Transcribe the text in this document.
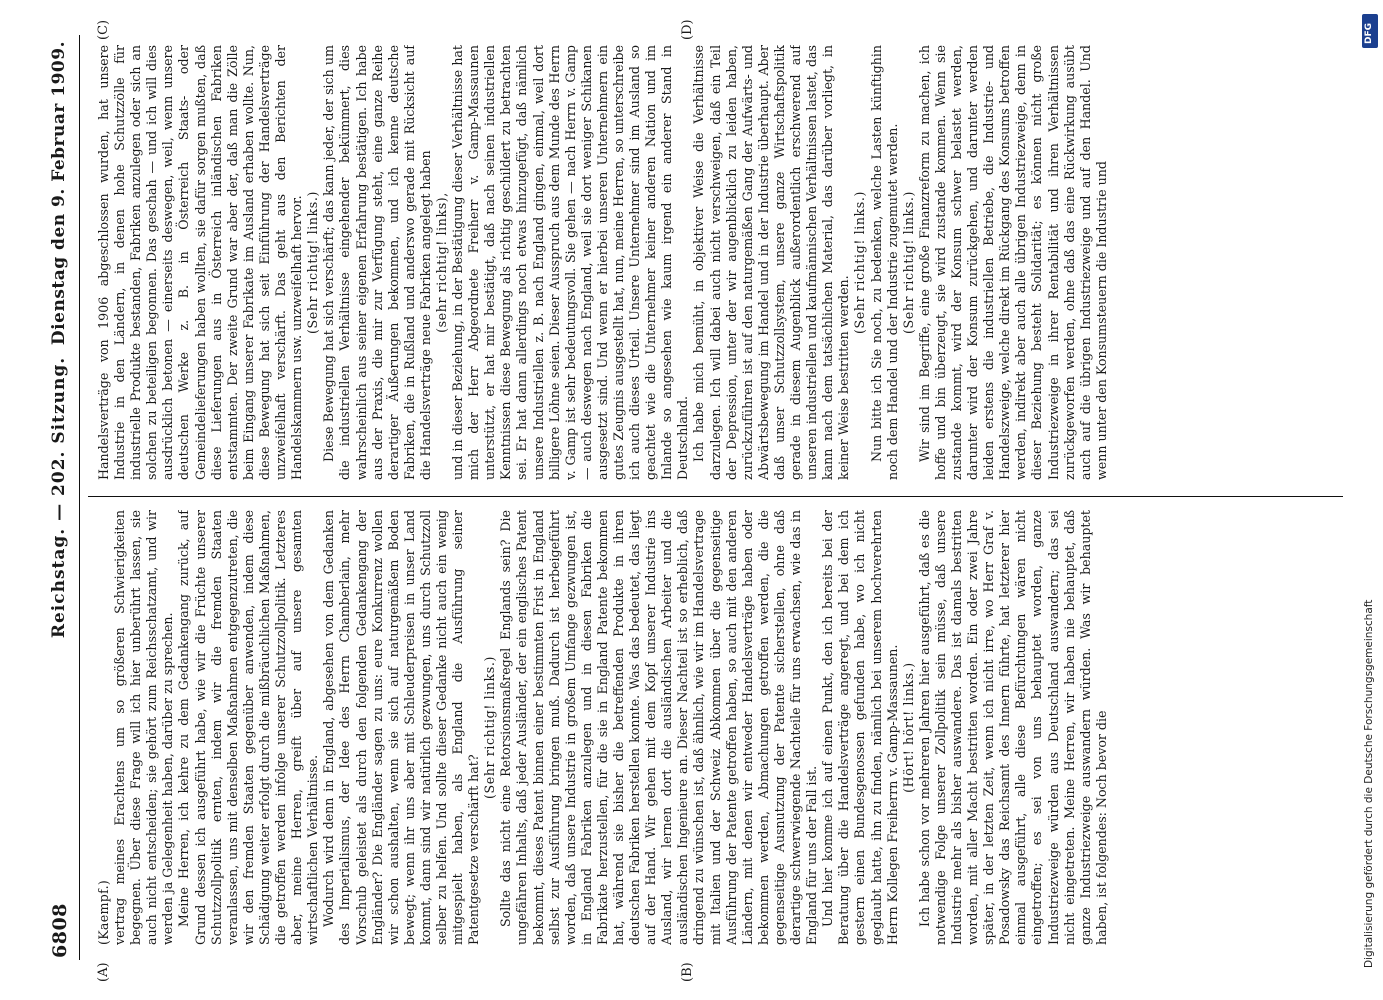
6808
Reichstag. — 202. Sitzung.
Dienstag den 9. Februar 1909.
(A)	(B)
(C)	(D)

(Kaempf.) vertrag meines Erachtens um so größeren Schwierigkeiten begegnen. Über diese Frage will ich hier unberührt lassen, sie auch nicht entscheiden; sie gehört zum Reichsschatzamt, und wir werden ja Gelegenheit haben, darüber zu sprechen. Meine Herren, ich kehre zu dem Gedankengang zurück, auf Grund dessen ich ausgeführt habe, wie wir die Früchte unserer Schutzzollpolitik ernten, indem wir die fremden Staaten veranlassen, uns mit denselben Maßnahmen entgegenzutreten, die wir den fremden Staaten gegenüber anwenden, indem diese Schädigung weiter erfolgt durch die mißbräuchlichen Maßnahmen, die getroffen werden infolge unserer Schutzzollpolitik. Letzteres aber, meine Herren, greift über auf unsere gesamten wirtschaftlichen Verhältnisse. Wodurch wird denn in England, abgesehen von dem Gedanken des Imperialismus, der Idee des Herrn Chamberlain, mehr Vorschub geleistet als durch den folgenden Gedankengang der Engländer? Die Engländer sagen zu uns: eure Konkurrenz wollen wir schon aushalten, wenn sie sich auf naturgemäßem Boden bewegt; wenn ihr uns aber mit Schleuderpreisen in unser Land kommt, dann sind wir natürlich gezwungen, uns durch Schutzzoll selber zu helfen. Und sollte dieser Gedanke nicht auch ein wenig mitgespielt haben, als England die Ausführung seiner Patentgesetze verschärft hat?

(Sehr richtig! links.) Sollte das nicht eine Retorsionsmaßregel Englands sein? Die ungefähren Inhalts, daß jeder Ausländer, der ein englisches Patent bekommt, dieses Patent binnen einer bestimmten Frist in England selbst zur Ausführung bringen muß. Dadurch ist herbeigeführt worden, daß unsere Industrie in großem Umfange gezwungen ist, in England Fabriken anzulegen und in diesen Fabriken die Fabrikate herzustellen, für die sie in England Patente bekommen hat, während sie bisher die betreffenden Produkte in ihren deutschen Fabriken herstellen konnte. Was das bedeutet, das liegt auf der Hand. Wir gehen mit dem Kopf unserer Industrie ins Ausland, wir lernen dort die ausländischen Arbeiter und die ausländischen Ingenieure an. Dieser Nachteil ist so erheblich, daß dringend zu wünschen ist, daß ähnlich, wie wir im Handelsvertrage mit Italien und der Schweiz Abkommen über die gegenseitige Ausführung der Patente getroffen haben, so auch mit den anderen Ländern, mit denen wir entweder Handelsverträge haben oder bekommen werden, Abmachungen getroffen werden, die die gegenseitige Ausnutzung der Patente sicherstellen, ohne daß derartige schwerwiegende Nachteile für uns erwachsen, wie das in England für uns der Fall ist. Und hier komme ich auf einen Punkt, den ich bereits bei der Beratung über die Handelsverträge angeregt, und bei dem ich gestern einen Bundesgenossen gefunden habe, wo ich nicht geglaubt hatte, ihn zu finden, nämlich bei unserem hochverehrten Herrn Kollegen Freiherrn v. Gamp-Massaunen. (Hört! hört! links.) Ich habe schon vor mehreren Jahren hier ausgeführt, daß es die notwendige Folge unserer Zollpolitik sein müsse, daß unsere Industrie mehr als bisher auswandere. Das ist damals bestritten worden, mit aller Macht bestritten worden. Ein oder zwei Jahre später, in der letzten Zeit, wenn ich nicht irre, wo Herr Graf v. Posadowsky das Reichsamt des Innern führte, hat letzterer hier einmal ausgeführt, alle diese Befürchtungen wären nicht eingetroffen; es sei von uns behauptet worden, ganze Industriezweige würden aus Deutschland auswandern; das sei nicht eingetreten. Meine Herren, wir haben nie behauptet, daß ganze Industriezweige auswandern würden. Was wir behauptet haben, ist folgendes: Noch bevor die

Handelsverträge von 1906 abgeschlossen wurden, hat unsere Industrie in den Ländern, in denen hohe Schutzzölle für industrielle Produkte bestanden, Fabriken anzulegen oder sich an solchen zu beteiligen begonnen. Das geschah — und ich will dies ausdrücklich betonen — einerseits deswegen, weil, wenn unsere deutschen Werke z. B. in Österreich Staats- oder Gemeindelieferungen haben wollten, sie dafür sorgen mußten, daß diese Lieferungen aus in Österreich inländischen Fabriken entstammten. Der zweite Grund war aber der, daß man die Zölle beim Eingang unserer Fabrikate im Ausland erhaben wollte. Nun, diese Bewegung hat sich seit Einführung der Handelsverträge unzweifelhaft verschärft. Das geht aus den Berichten der Handelskammern usw. unzweifelhaft hervor. (Sehr richtig! links.) Diese Bewegung hat sich verschärft; das kann jeder, der sich um die industriellen Verhältnisse eingehender bekümmert, dies wahrscheinlich aus seiner eigenen Erfahrung bestätigen. Ich habe aus der Praxis, die mir zur Verfügung steht, eine ganze Reihe derartiger Äußerungen bekommen, und ich kenne deutsche Fabriken, die in Rußland und anderswo gerade mit Rücksicht auf die Handelsverträge neue Fabriken angelegt haben (sehr richtig! links), und in dieser Beziehung, in der Bestätigung dieser Verhältnisse hat mich der Herr Abgeordnete Freiherr v. Gamp-Massaunen unterstützt, er hat mir bestätigt, daß nach seinen industriellen Kenntnissen diese Bewegung als richtig geschildert zu betrachten sei. Er hat dann allerdings noch etwas hinzugefügt, daß nämlich unsere Industriellen z. B. nach England gingen, einmal, weil dort billigere Löhne seien. Dieser Ausspruch aus dem Munde des Herrn v. Gamp ist sehr bedeutungsvoll. Sie gehen — nach Herrn v. Gamp — auch deswegen nach England, weil sie dort weniger Schikanen ausgesetzt sind. Und wenn er hierbei unseren Unternehmern ein gutes Zeugnis ausgestellt hat, nun, meine Herren, so unterschreibe ich auch dieses Urteil. Unsere Unternehmer sind im Ausland so geachtet wie die Unternehmer keiner anderen Nation und im Inlande so angesehen wie kaum irgend ein anderer Stand in Deutschland. Ich habe mich bemüht, in objektiver Weise die Verhältnisse darzulegen. Ich will dabei auch nicht verschweigen, daß ein Teil der Depression, unter der wir augenblicklich zu leiden haben, zurückzuführen ist auf den naturgemäßen Gang der Aufwärts- und Abwärtsbewegung im Handel und in der Industrie überhaupt. Aber daß unser Schutzzollsystem, unsere ganze Wirtschaftspolitik gerade in diesem Augenblick außerordentlich erschwerend auf unseren industriellen und kaufmännischen Verhältnissen lastet, das kann nach dem tatsächlichen Material, das darüber vorliegt, in keiner Weise bestritten werden.

(Sehr richtig! links.) Nun bitte ich Sie noch, zu bedenken, welche Lasten künftighin noch dem Handel und der Industrie zugemutet werden. (Sehr richtig! links.) Wir sind im Begriffe, eine große Finanzreform zu machen, ich hoffe und bin überzeugt, sie wird zustande kommen. Wenn sie zustande kommt, wird der Konsum schwer belastet werden, darunter wird der Konsum zurückgehen, und darunter werden leiden erstens die industriellen Betriebe, die Industrie- und Handelszweige, welche direkt im Rückgang des Konsums betroffen werden, indirekt aber auch alle übrigen Industriezweige, denn in dieser Beziehung besteht Solidarität; es können nicht große Industriezweige in ihrer Rentabilität und ihren Verhältnissen zurückgeworfen werden, ohne daß das eine Rückwirkung ausübt auch auf die übrigen Industriezweige und auf den Handel. Und wenn unter den Konsumsteuern die Industrie und

DFG
Digitalisierung gefördert durch die Deutsche Forschungsgemeinschaft
